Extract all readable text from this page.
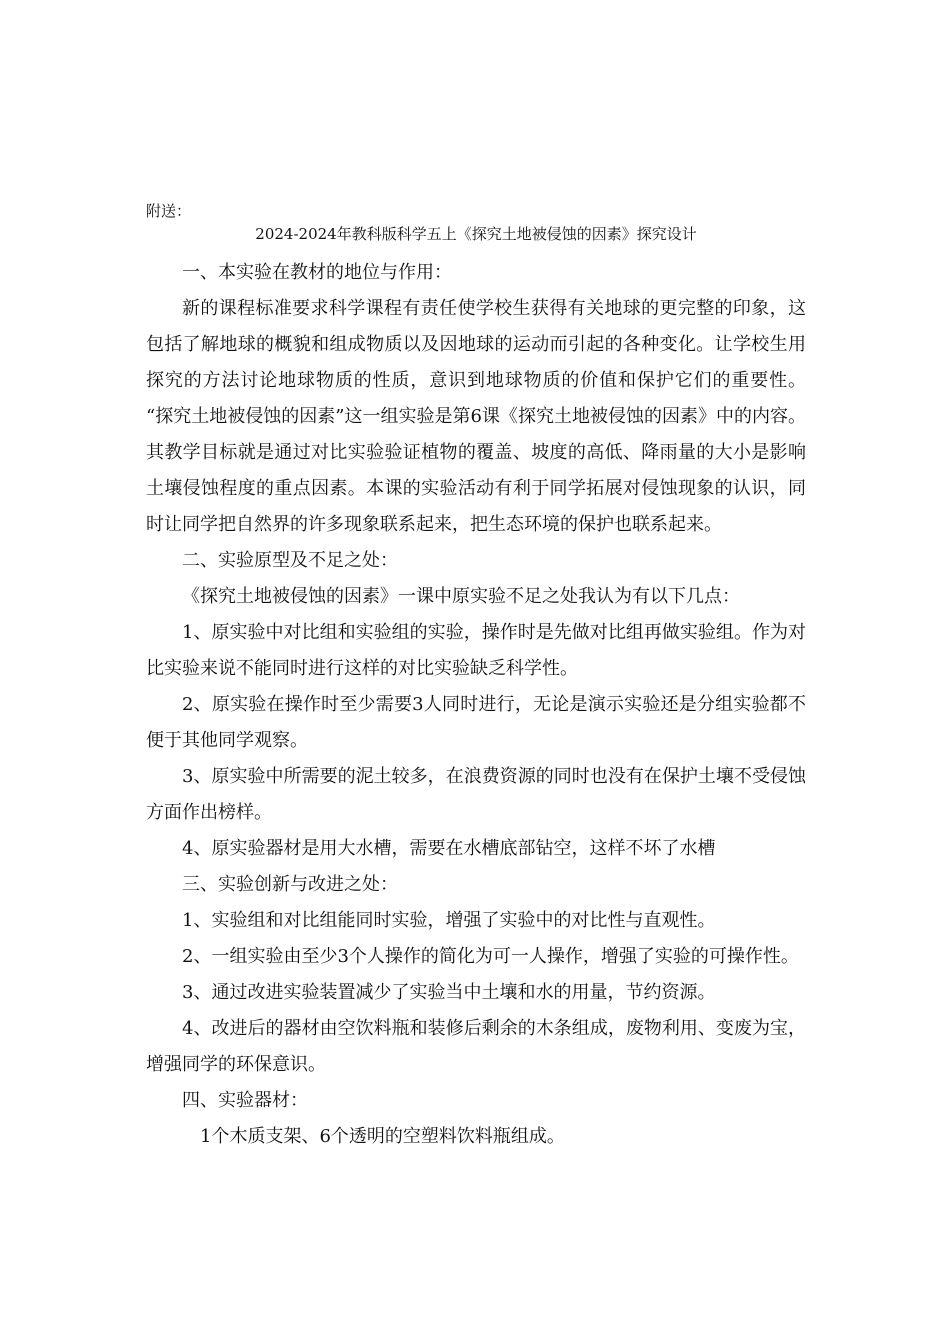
附送：

2024-2024年教科版科学五上《探究土地被侵蚀的因素》探究设计

一、本实验在教材的地位与作用：

新的课程标准要求科学课程有责任使学校生获得有关地球的更完整的印象，这包括了解地球的概貌和组成物质以及因地球的运动而引起的各种变化。让学校生用探究的方法讨论地球物质的性质，意识到地球物质的价值和保护它们的重要性。 “探究土地被侵蚀的因素”这一组实验是第6课《探究土地被侵蚀的因素》中的内容。其教学目标就是通过对比实验验证植物的覆盖、坡度的高低、降雨量的大小是影响土壤侵蚀程度的重点因素。本课的实验活动有利于同学拓展对侵蚀现象的认识，同时让同学把自然界的许多现象联系起来，把生态环境的保护也联系起来。

二、实验原型及不足之处：

《探究土地被侵蚀的因素》一课中原实验不足之处我认为有以下几点：

1、原实验中对比组和实验组的实验，操作时是先做对比组再做实验组。作为对比实验来说不能同时进行这样的对比实验缺乏科学性。

2、原实验在操作时至少需要3人同时进行，无论是演示实验还是分组实验都不便于其他同学观察。

3、原实验中所需要的泥土较多，在浪费资源的同时也没有在保护土壤不受侵蚀方面作出榜样。

4、原实验器材是用大水槽，需要在水槽底部钻空，这样不坏了水槽

三、实验创新与改进之处：

1、实验组和对比组能同时实验，增强了实验中的对比性与直观性。

2、一组实验由至少3个人操作的简化为可一人操作，增强了实验的可操作性。

3、通过改进实验装置减少了实验当中土壤和水的用量，节约资源。

4、改进后的器材由空饮料瓶和装修后剩余的木条组成，废物利用、变废为宝，增强同学的环保意识。

四、实验器材：

1个木质支架、6个透明的空塑料饮料瓶组成。
